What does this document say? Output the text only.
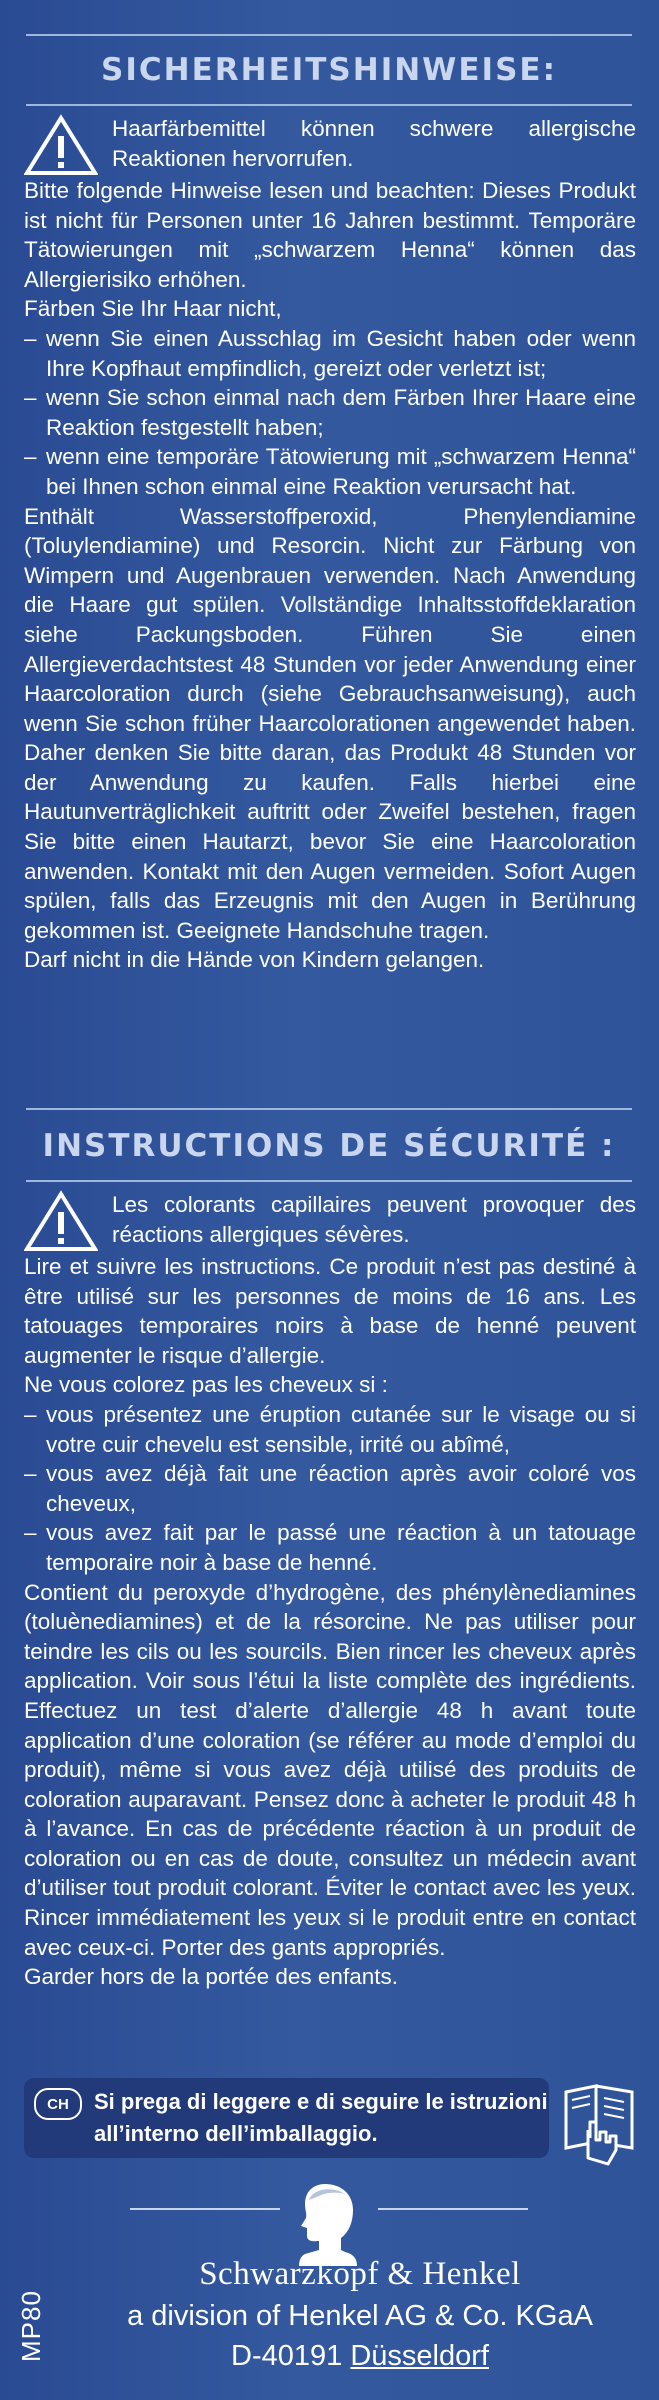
SICHERHEITSHINWEISE:
Haarfärbemittel können schwere allergische Reaktionen hervorrufen.

Bitte folgende Hinweise lesen und beachten: Dieses Produkt ist nicht für Personen unter 16 Jahren bestimmt. Temporäre Tätowierungen mit „schwarzem Henna“ können das Allergierisiko erhöhen.

Färben Sie Ihr Haar nicht,

– wenn Sie einen Ausschlag im Gesicht haben oder wenn Ihre Kopfhaut empfindlich, gereizt oder verletzt ist;
– wenn Sie schon einmal nach dem Färben Ihrer Haare eine Reaktion festgestellt haben;
– wenn eine temporäre Tätowierung mit „schwarzem Henna“ bei Ihnen schon einmal eine Reaktion verursacht hat.

Enthält Wasserstoffperoxid, Phenylendiamine (Toluylendiamine) und Resorcin. Nicht zur Färbung von Wimpern und Augenbrauen verwenden. Nach Anwendung die Haare gut spülen. Vollständige Inhaltsstoffdeklaration siehe Packungsboden. Führen Sie einen Allergieverdachtstest 48 Stunden vor jeder Anwendung einer Haarcoloration durch (siehe Gebrauchsanweisung), auch wenn Sie schon früher Haarcolorationen angewendet haben. Daher denken Sie bitte daran, das Produkt 48 Stunden vor der Anwendung zu kaufen. Falls hierbei eine Hautunverträglichkeit auftritt oder Zweifel bestehen, fragen Sie bitte einen Hautarzt, bevor Sie eine Haarcoloration anwenden. Kontakt mit den Augen vermeiden. Sofort Augen spülen, falls das Erzeugnis mit den Augen in Berührung gekommen ist. Geeignete Handschuhe tragen.

Darf nicht in die Hände von Kindern gelangen.

INSTRUCTIONS DE SÉCURITÉ :
Les colorants capillaires peuvent provoquer des réactions allergiques sévères.

Lire et suivre les instructions. Ce produit n’est pas destiné à être utilisé sur les personnes de moins de 16 ans. Les tatouages temporaires noirs à base de henné peuvent augmenter le risque d’allergie.

Ne vous colorez pas les cheveux si :

– vous présentez une éruption cutanée sur le visage ou si votre cuir chevelu est sensible, irrité ou abîmé,
– vous avez déjà fait une réaction après avoir coloré vos cheveux,
– vous avez fait par le passé une réaction à un tatouage temporaire noir à base de henné.

Contient du peroxyde d’hydrogène, des phénylènediamines (toluènediamines) et de la résorcine. Ne pas utiliser pour teindre les cils ou les sourcils. Bien rincer les cheveux après application. Voir sous l’étui la liste complète des ingrédients. Effectuez un test d’alerte d’allergie 48 h avant toute application d’une coloration (se référer au mode d’emploi du produit), même si vous avez déjà utilisé des produits de coloration auparavant. Pensez donc à acheter le produit 48 h à l’avance. En cas de précédente réaction à un produit de coloration ou en cas de doute, consultez un médecin avant d’utiliser tout produit colorant. Éviter le contact avec les yeux. Rincer immédiatement les yeux si le produit entre en contact avec ceux-ci. Porter des gants appropriés.

Garder hors de la portée des enfants.

CH	Si prega di leggere e di seguire le istruzioni all’interno dell’imballaggio.
Schwarzkopf & Henkel
a division of Henkel AG & Co. KGaA
D-40191 Düsseldorf
MP80
